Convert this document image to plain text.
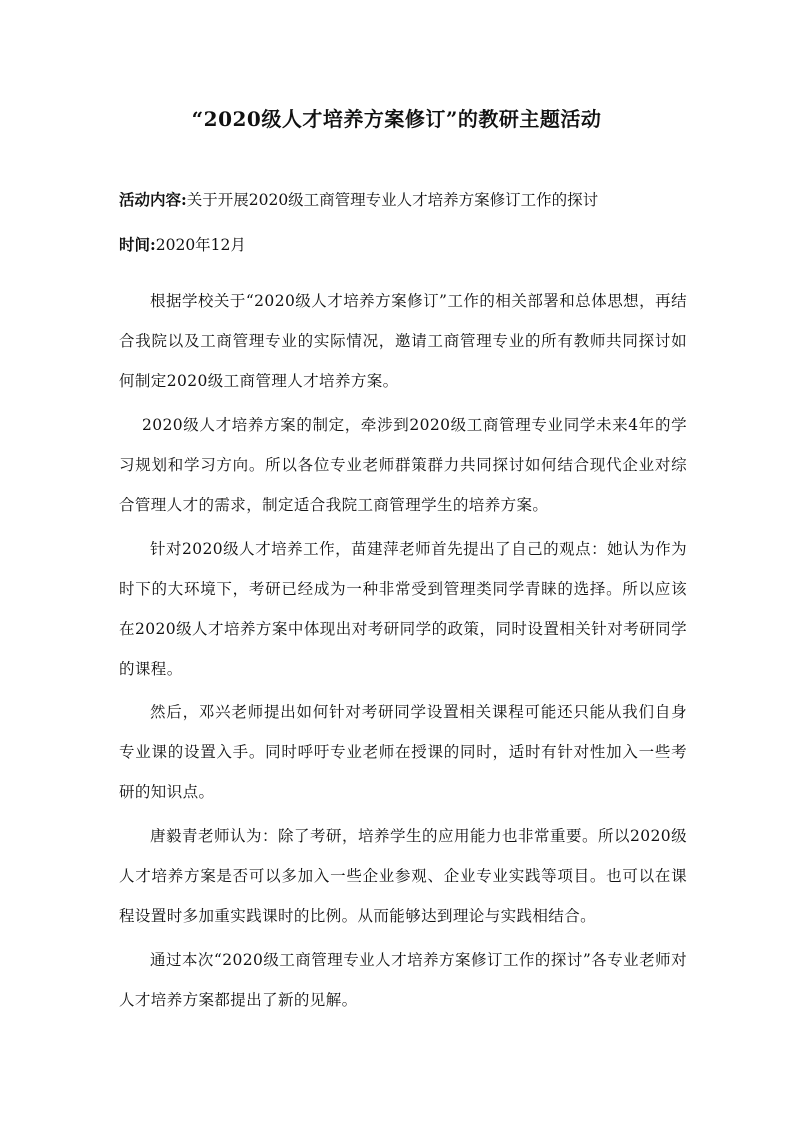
“2020级人才培养方案修订”的教研主题活动
活动内容:关于开展2020级工商管理专业人才培养方案修订工作的探讨
时间:2020年12月

根据学校关于“2020级人才培养方案修订”工作的相关部署和总体思想，再结合我院以及工商管理专业的实际情况，邀请工商管理专业的所有教师共同探讨如何制定2020级工商管理人才培养方案。

2020级人才培养方案的制定，牵涉到2020级工商管理专业同学未来4年的学习规划和学习方向。所以各位专业老师群策群力共同探讨如何结合现代企业对综合管理人才的需求，制定适合我院工商管理学生的培养方案。

针对2020级人才培养工作，苗建萍老师首先提出了自己的观点：她认为作为时下的大环境下，考研已经成为一种非常受到管理类同学青睐的选择。所以应该在2020级人才培养方案中体现出对考研同学的政策，同时设置相关针对考研同学的课程。

然后，邓兴老师提出如何针对考研同学设置相关课程可能还只能从我们自身专业课的设置入手。同时呼吁专业老师在授课的同时，适时有针对性加入一些考研的知识点。

唐毅青老师认为：除了考研，培养学生的应用能力也非常重要。所以2020级人才培养方案是否可以多加入一些企业参观、企业专业实践等项目。也可以在课程设置时多加重实践课时的比例。从而能够达到理论与实践相结合。

通过本次“2020级工商管理专业人才培养方案修订工作的探讨”各专业老师对人才培养方案都提出了新的见解。
